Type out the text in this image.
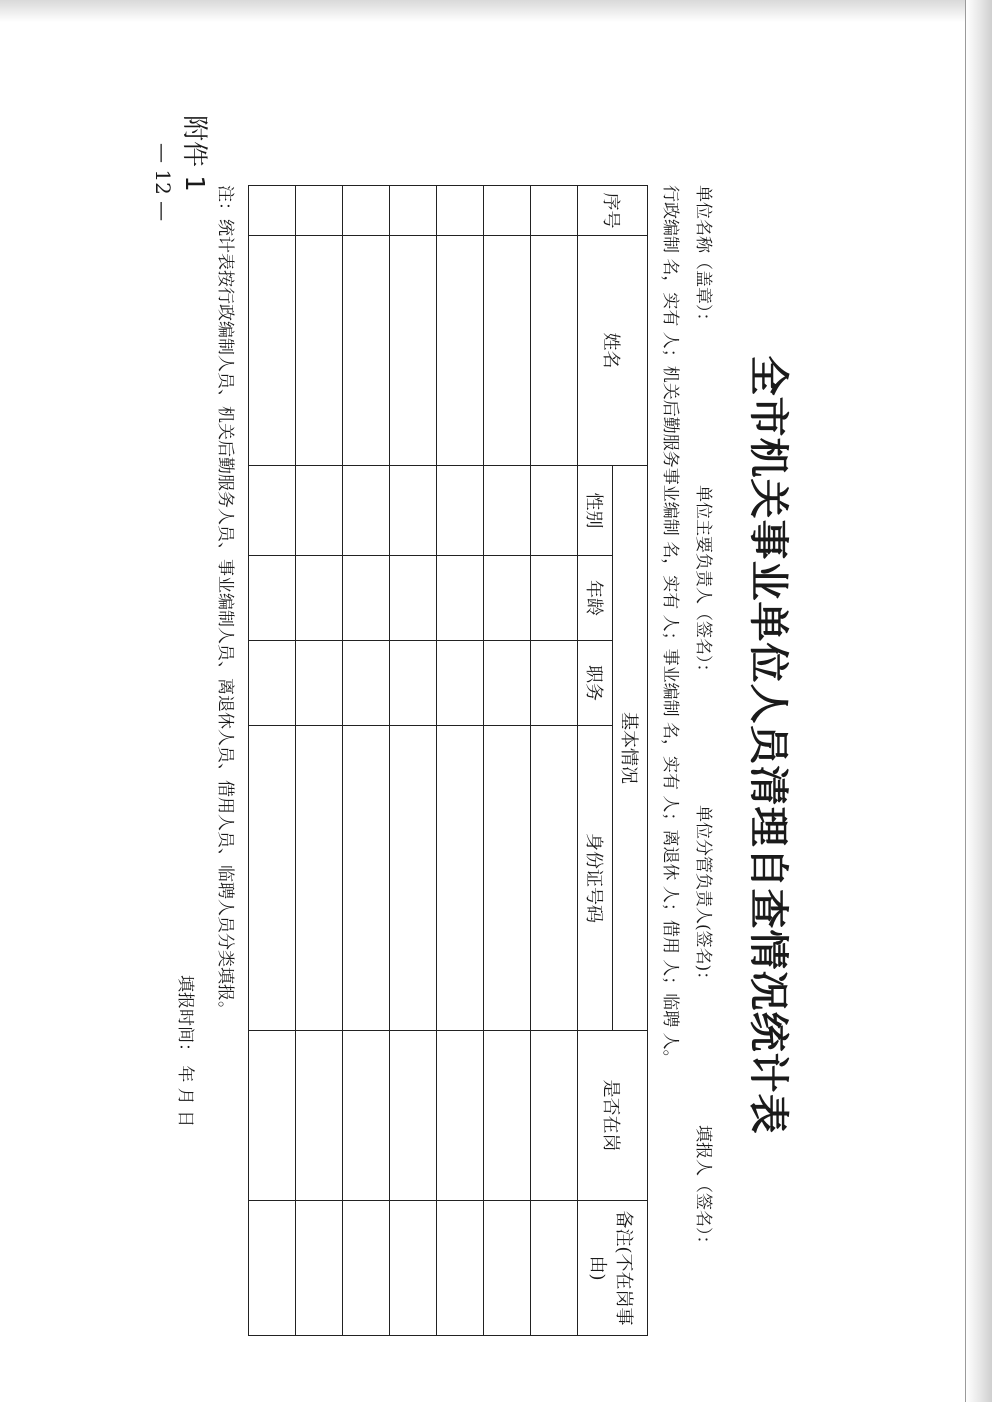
附件 1
— 12 —
全市机关事业单位人员清理自查情况统计表
单位名称（盖章）：
单位主要负责人（签名）：
单位分管负责人(签名)：
填报人（签名）：
行政编制 名，实有 人；机关后勤服务事业编制 名，实有 人；事业编制 名，实有 人；离退休 人；借用 人；临聘 人。
序号	姓名	基本情况				是否在岗	备注(不在岗事由)
		性别	年龄	职务	身份证号码		

注：统计表按行政编制人员、机关后勤服务人员、事业编制人员、离退休人员、借用人员、临聘人员分类填报。
填报时间： 年 月 日
